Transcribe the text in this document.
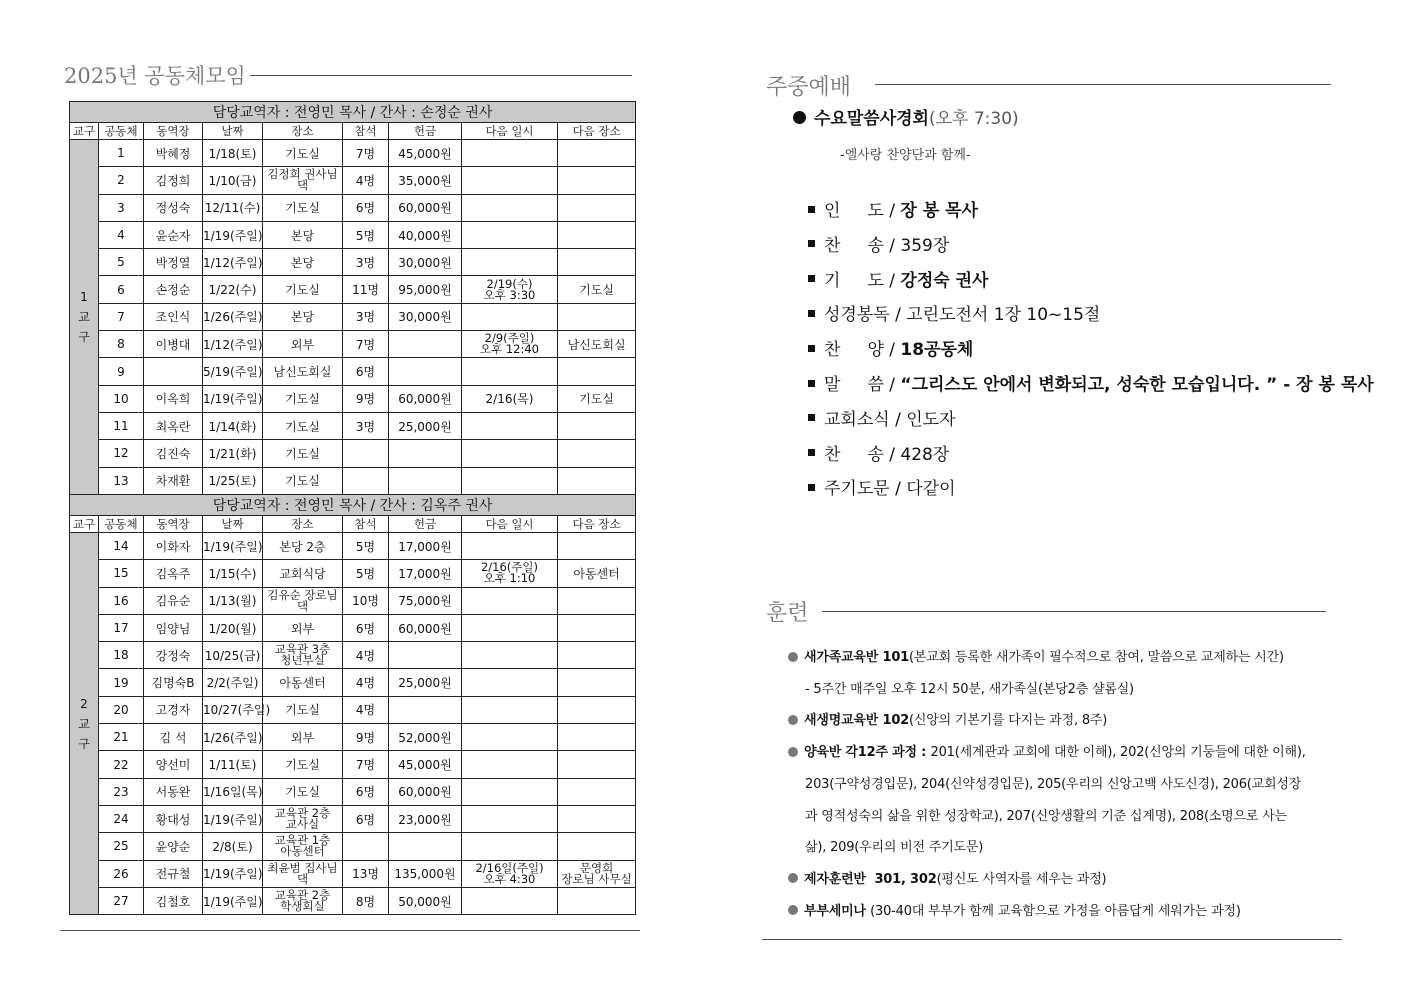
2025년 공동체모임
담당교역자 : 전영민 목사 / 간사 : 손정순 권사								
교구	공동체	동역장	날짜	장소	참석	헌금	다음 일시	다음 장소

1
교
구	1	박혜정	1/18(토)	기도실	7명	45,000원		
	2	김정희	1/10(금)	김정희 권사님
댁	4명	35,000원		
	3	정성숙	12/11(수)	기도실	6명	60,000원		
	4	윤순자	1/19(주일)	본당	5명	40,000원		
	5	박정열	1/12(주일)	본당	3명	30,000원		
	6	손정순	1/22(수)	기도실	11명	95,000원	2/19(수)
오후 3:30	기도실
	7	조인식	1/26(주일)	본당	3명	30,000원		
	8	이병대	1/12(주일)	외부	7명		2/9(주일)
오후 12:40	남신도회실
	9		5/19(주일)	남신도회실	6명			
	10	이옥희	1/19(주일)	기도실	9명	60,000원	2/16(목)	기도실
	11	최옥란	1/14(화)	기도실	3명	25,000원		
	12	김진숙	1/21(화)	기도실				
	13	차재환	1/25(토)	기도실				
담당교역자 : 전영민 목사 / 간사 : 김옥주 권사								
교구	공동체	동역장	날짜	장소	참석	헌금	다음 일시	다음 장소

2
교
구	14	이화자	1/19(주일)	본당 2층	5명	17,000원		
	15	김옥주	1/15(수)	교회식당	5명	17,000원	2/16(주일)
오후 1:10	아동센터
	16	김유순	1/13(월)	김유순 장로님
댁	10명	75,000원		
	17	임양님	1/20(월)	외부	6명	60,000원		
	18	강정숙	10/25(금)	교육관 3층
청년부실	4명			
	19	김명숙B	2/2(주일)	아동센터	4명	25,000원		
	20	고경자	10/27(주일)	기도실	4명			
	21	김 석	1/26(주일)	외부	9명	52,000원		
	22	양선미	1/11(토)	기도실	7명	45,000원		
	23	서동완	1/16일(목)	기도실	6명	60,000원		
	24	황대성	1/19(주일)	교육관 2층
교사실	6명	23,000원		
	25	윤양순	2/8(토)	교육관 1층
아동센터				

	26	전규철	1/19(주일)	최윤범 집사님
댁	13명	135,000원	2/16일(주일)
오후 4:30	문영희
장로님 사무실

	27	김철호	1/19(주일)	교육관 2층
학생회실	8명	50,000원		
주중예배
수요말씀사경회(오후 7:30)
-엘사랑 찬양단과 함께-
인     도 / 장 봉 목사
찬     송 / 359장
기     도 / 강정숙 권사
성경봉독 / 고린도전서 1장 10~15절
찬     양 / 18공동체
말     씀 / “그리스도 안에서 변화되고, 성숙한 모습입니다. ” - 장 봉 목사
교회소식 / 인도자
찬     송 / 428장
주기도문 / 다같이
훈련
새가족교육반 101(본교회 등록한 새가족이 필수적으로 참여, 말씀으로 교제하는 시간)
- 5주간 매주일 오후 12시 50분, 새가족실(본당2층 샬롬실)
새생명교육반 102(신앙의 기본기를 다지는 과정, 8주)
양육반 각12주 과정 : 201(세계관과 교회에 대한 이해), 202(신앙의 기둥들에 대한 이해),
203(구약성경입문), 204(신약성경입문), 205(우리의 신앙고백 사도신경), 206(교회성장
과 영적성숙의 삶을 위한 성장학교), 207(신앙생활의 기준 십계명), 208(소명으로 사는
삶), 209(우리의 비전 주기도문)
제자훈련반  301, 302(평신도 사역자를 세우는 과정)
부부세미나 (30-40대 부부가 함께 교육함으로 가정을 아름답게 세워가는 과정)
